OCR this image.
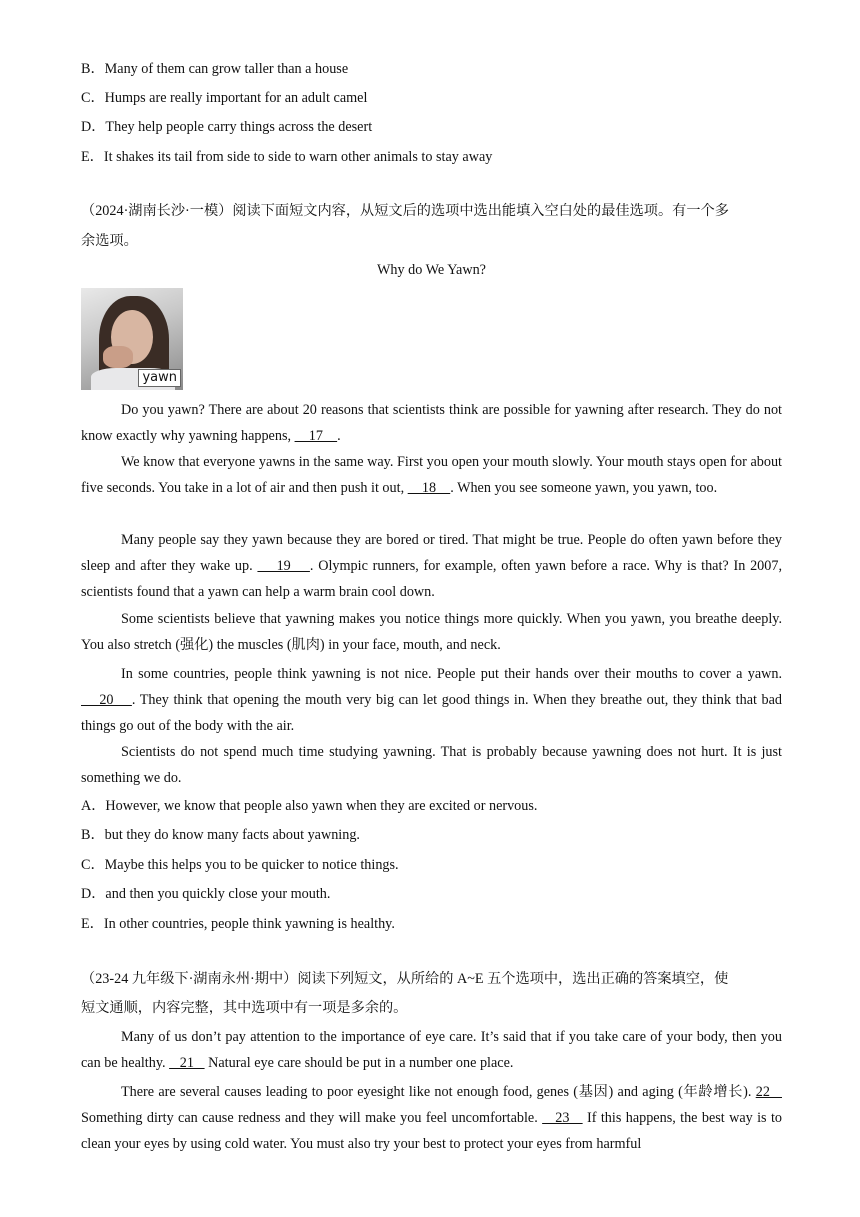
B．Many of them can grow taller than a house
C．Humps are really important for an adult camel
D．They help people carry things across the desert
E．It shakes its tail from side to side to warn other animals to stay away
（2024·湖南长沙·一模）阅读下面短文内容，从短文后的选项中选出能填入空白处的最佳选项。有一个多
余选项。
Why do We Yawn?
yawn
Do you yawn? There are about 20 reasons that scientists think are possible for yawning after research. They do not know exactly why yawning happens,     17    .
We know that everyone yawns in the same way. First you open your mouth slowly. Your mouth stays open for about five seconds. You take in a lot of air and then push it out,     18    . When you see someone yawn, you yawn, too.
Many people say they yawn because they are bored or tired. That might be true. People do often yawn before they sleep and after they wake up.     19    . Olympic runners, for example, often yawn before a race. Why is that? In 2007, scientists found that a yawn can help a warm brain cool down.
Some scientists believe that yawning makes you notice things more quickly. When you yawn, you breathe deeply. You also stretch (强化) the muscles (肌肉) in your face, mouth, and neck.
In some countries, people think yawning is not nice. People put their hands over their mouths to cover a yawn.     20    . They think that opening the mouth very big can let good things in. When they breathe out, they think that bad things go out of the body with the air.
Scientists do not spend much time studying yawning. That is probably because yawning does not hurt. It is just something we do.
A．However, we know that people also yawn when they are excited or nervous.
B．but they do know many facts about yawning.
C．Maybe this helps you to be quicker to notice things.
D．and then you quickly close your mouth.
E．In other countries, people think yawning is healthy.
（23-24 九年级下·湖南永州·期中）阅读下列短文，从所给的 A~E 五个选项中，选出正确的答案填空，使
短文通顺，内容完整，其中选项中有一项是多余的。
Many of us don’t pay attention to the importance of eye care. It’s said that if you take care of your body, then you can be healthy.    21    Natural eye care should be put in a number one place.
There are several causes leading to poor eyesight like not enough food, genes (基因) and aging (年龄增长). 22    Something dirty can cause redness and they will make you feel uncomfortable.    23    If this happens, the best way is to clean your eyes by using cold water. You must also try your best to protect your eyes from harmful
